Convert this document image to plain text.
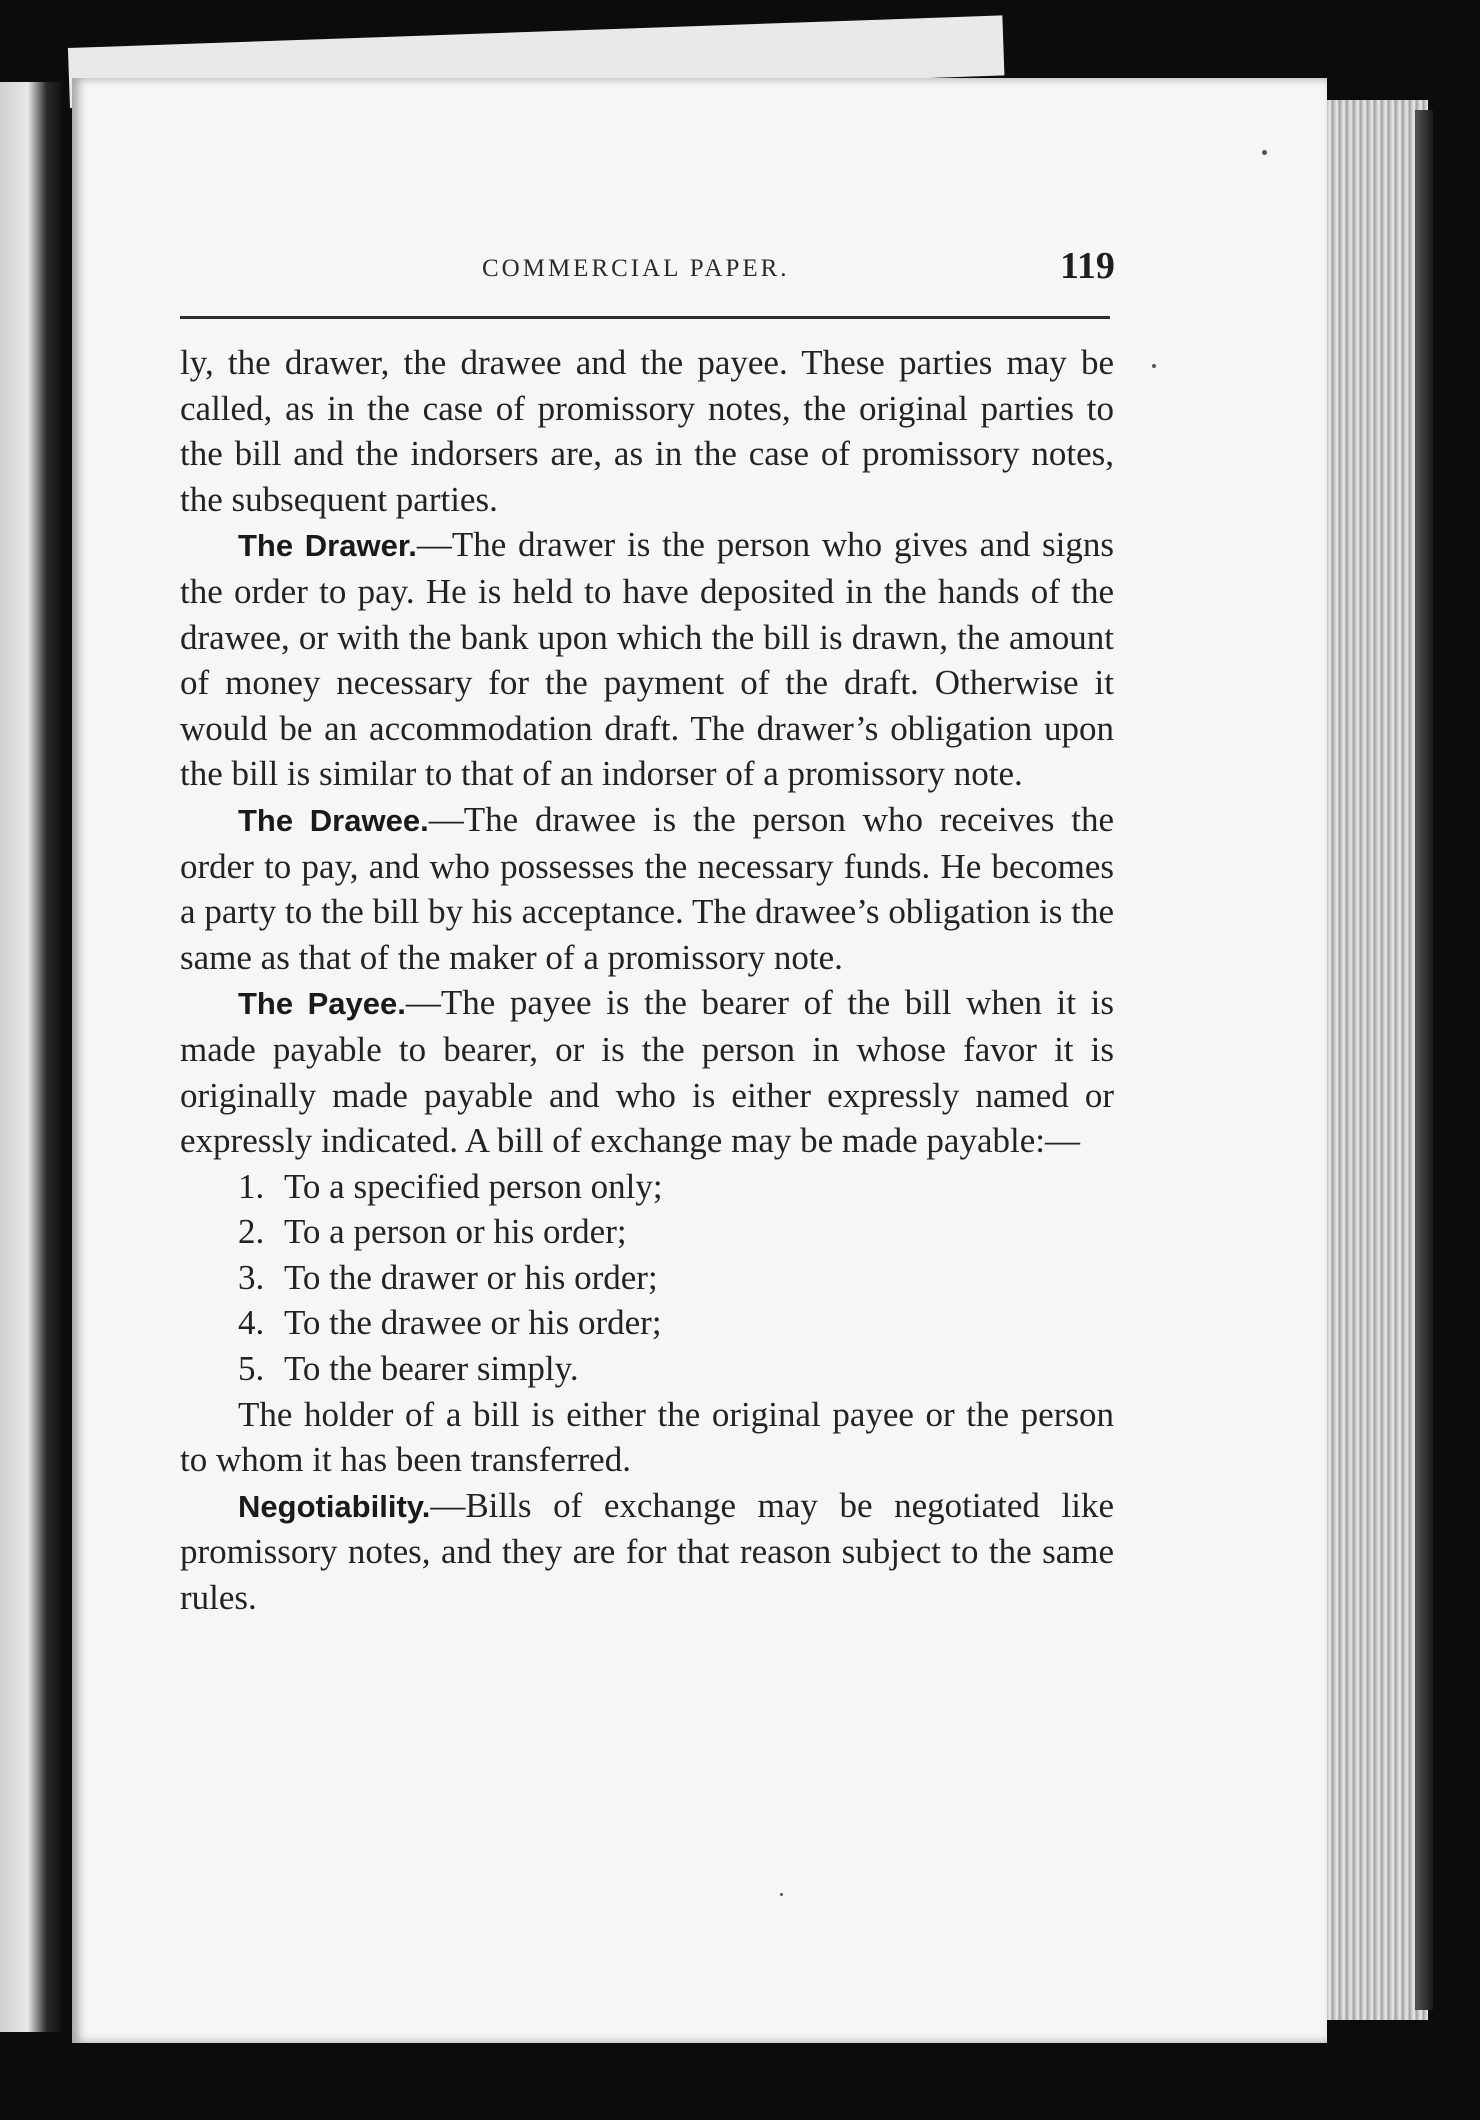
COMMERCIAL PAPER.	119

ly, the drawer, the drawee and the payee. These parties may be called, as in the case of promissory notes, the original parties to the bill and the indorsers are, as in the case of promissory notes, the subsequent parties.

The Drawer.—The drawer is the person who gives and signs the order to pay. He is held to have deposited in the hands of the drawee, or with the bank upon which the bill is drawn, the amount of money necessary for the payment of the draft. Otherwise it would be an accommodation draft. The drawer’s obligation upon the bill is similar to that of an indorser of a promissory note.

The Drawee.—The drawee is the person who receives the order to pay, and who possesses the necessary funds. He becomes a party to the bill by his acceptance. The drawee’s obligation is the same as that of the maker of a promissory note.

The Payee.—The payee is the bearer of the bill when it is made payable to bearer, or is the person in whose favor it is originally made payable and who is either expressly named or expressly indicated. A bill of exchange may be made payable:—

1. To a specified person only;
2. To a person or his order;
3. To the drawer or his order;
4. To the drawee or his order;
5. To the bearer simply.

The holder of a bill is either the original payee or the person to whom it has been transferred.

Negotiability.—Bills of exchange may be negotiated like promissory notes, and they are for that reason subject to the same rules.
